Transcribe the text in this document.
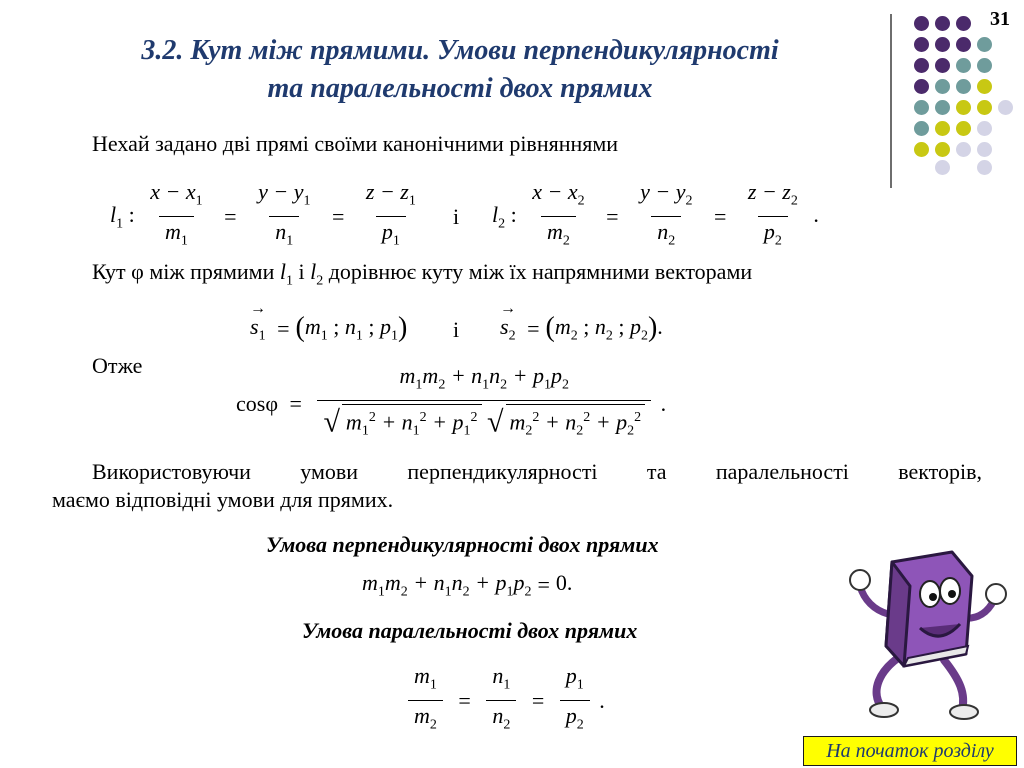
3.2. Кут між прямими. Умови перпендикулярності
та паралельності двох прямих
31
Нехай задано дві прямі своїми канонічними рівняннями
$l_1$ : $\frac{x - x_1}{m_1} = \frac{y - y_1}{n_1} = \frac{z - z_1}{p_1}$ і $l_2$ : $\frac{x - x_2}{m_2} = \frac{y - y_2}{n_2} = \frac{z - z_2}{p_2}$ .
Кут φ між прямими $l_1$ і $l_2$ дорівнює куту між їх напрямними векторами
→ $s_1 = (m_1$ ; $n_1$ ; $p_1$) і
→ $s_2 = (m_2$ ; $n_2$ ; $p_2$).
Отже
$\cos\varphi = \frac{m_1m_2 + n_1n_2 + p_1p_2}{√ m_1^2 + n_1^2 + p_1^2 √ m_2^2 + n_2^2 + p_2^2}$ .
Використовуючи умови перпендикулярності та паралельності векторів,
маємо відповідні умови для прямих.
Умова перпендикулярності двох прямих
$m_1m_2 + n_1n_2 + p_1p_2 = 0$.
Умова паралельності двох прямих
$\frac{m_1}{m_2} = \frac{n_1}{n_2} = \frac{p_1}{p_2}$ .
На початок розділу
